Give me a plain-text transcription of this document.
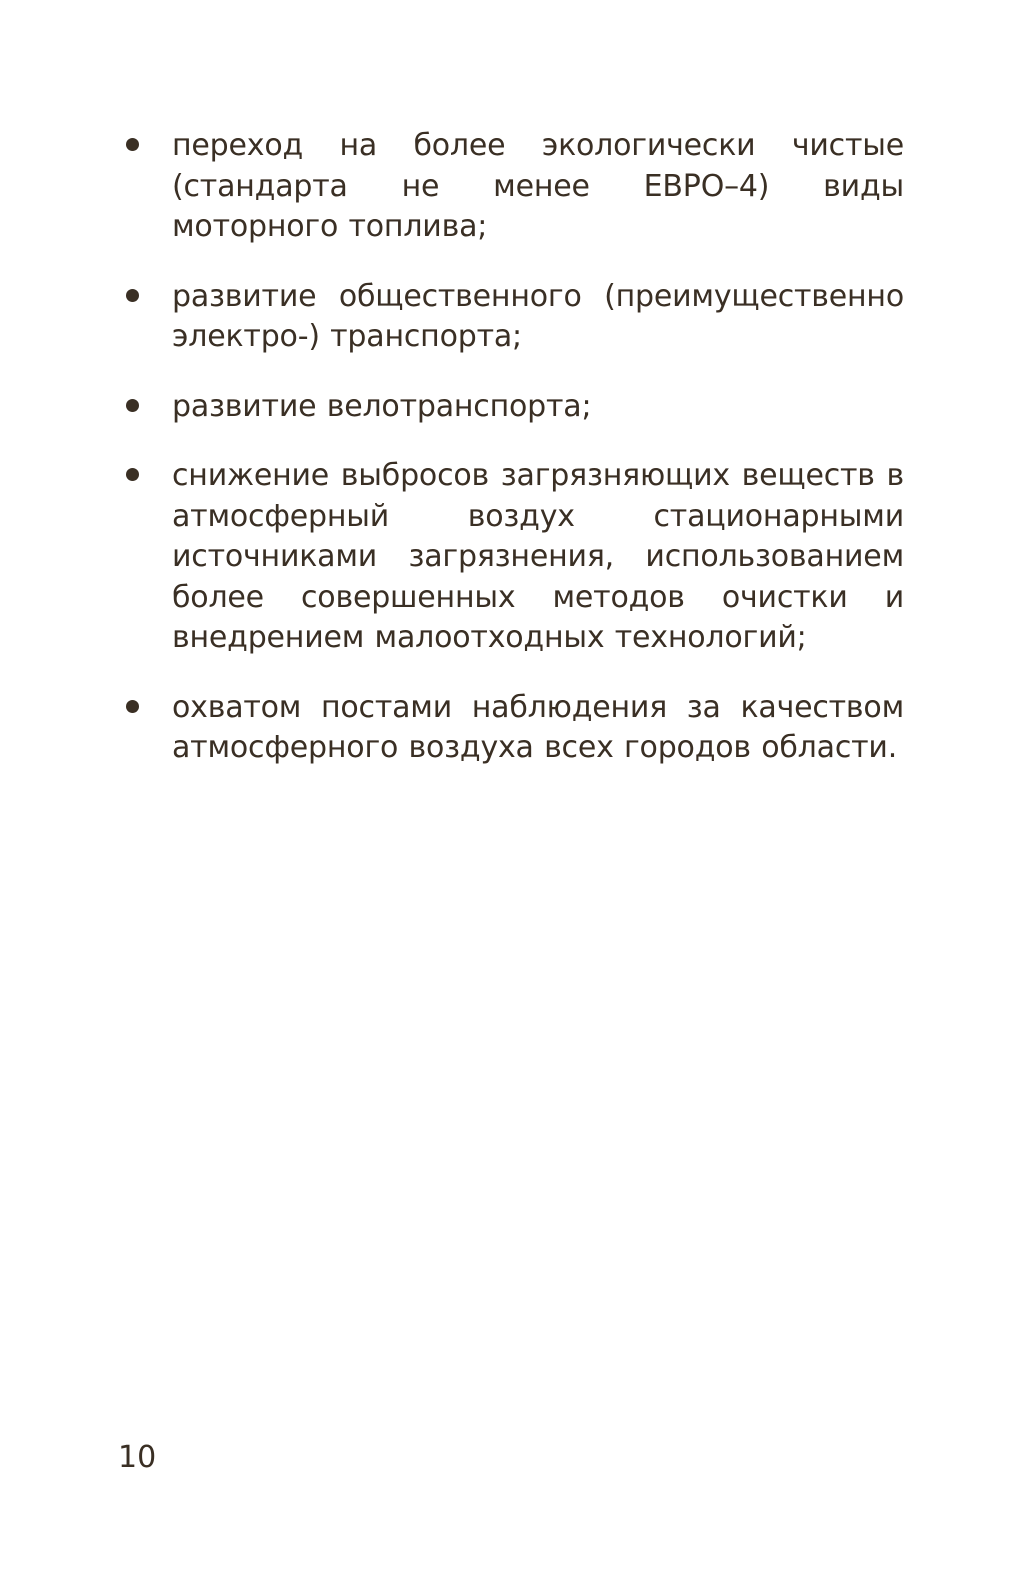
переход на более экологически чистые (стандарта не менее ЕВРО–4) виды моторного топлива;
развитие общественного (преимущественно электро-) транспорта;
развитие велотранспорта;
снижение выбросов загрязняющих веществ в атмосферный воздух стационарными источниками загрязнения, использованием более совершенных методов очистки и внедрением малоотходных технологий;
охватом постами наблюдения за качеством атмосферного воздуха всех городов области.
10
